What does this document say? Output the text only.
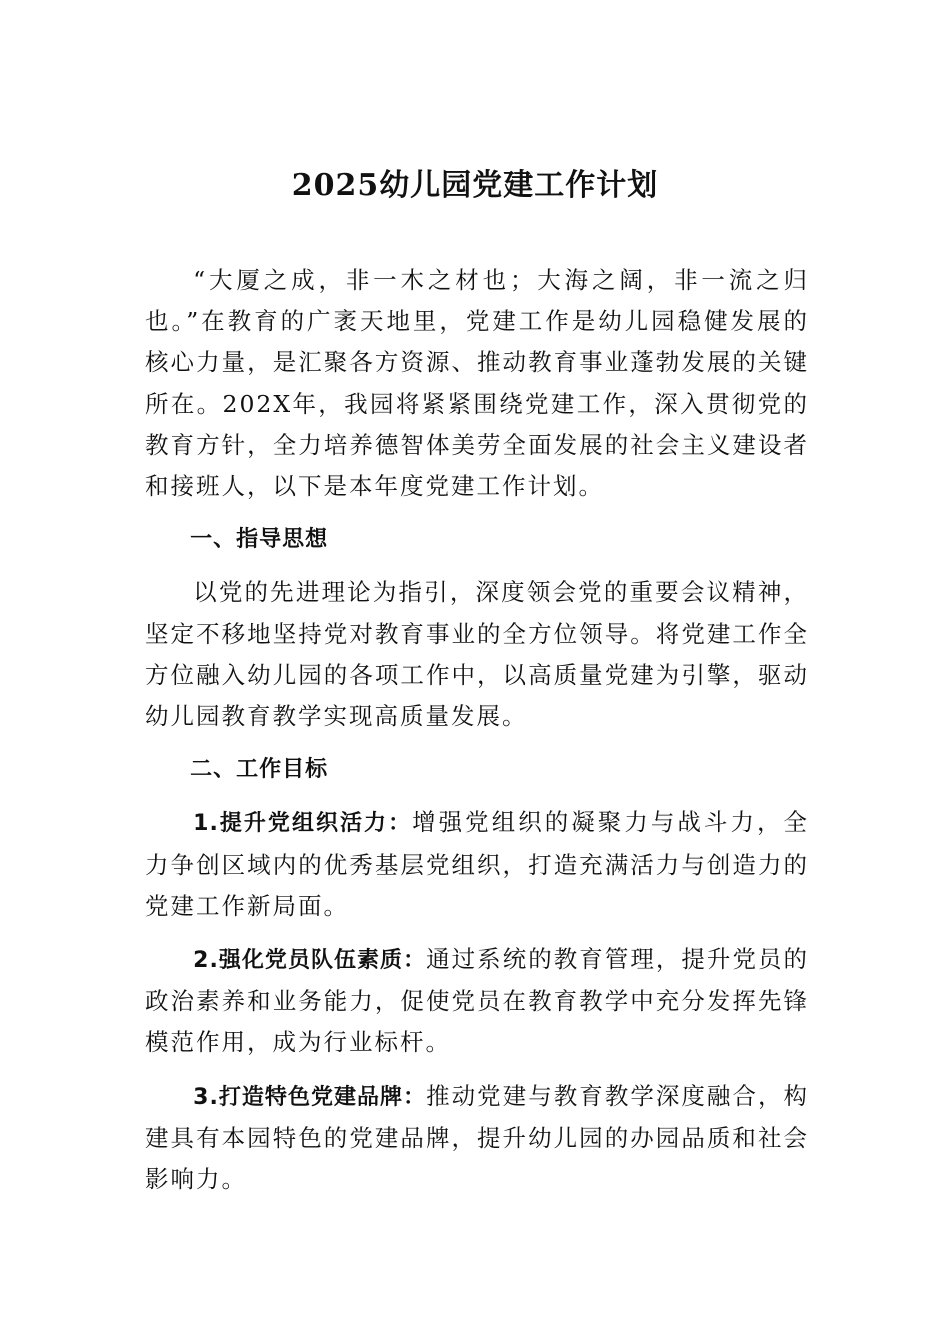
2025幼儿园党建工作计划

“大厦之成，非一木之材也；大海之阔，非一流之归也。”在教育的广袤天地里，党建工作是幼儿园稳健发展的核心力量，是汇聚各方资源、推动教育事业蓬勃发展的关键所在。202X年，我园将紧紧围绕党建工作，深入贯彻党的教育方针，全力培养德智体美劳全面发展的社会主义建设者和接班人，以下是本年度党建工作计划。

一、指导思想

以党的先进理论为指引，深度领会党的重要会议精神，坚定不移地坚持党对教育事业的全方位领导。将党建工作全方位融入幼儿园的各项工作中，以高质量党建为引擎，驱动幼儿园教育教学实现高质量发展。

二、工作目标

1.提升党组织活力：增强党组织的凝聚力与战斗力，全力争创区域内的优秀基层党组织，打造充满活力与创造力的党建工作新局面。

2.强化党员队伍素质：通过系统的教育管理，提升党员的政治素养和业务能力，促使党员在教育教学中充分发挥先锋模范作用，成为行业标杆。

3.打造特色党建品牌：推动党建与教育教学深度融合，构建具有本园特色的党建品牌，提升幼儿园的办园品质和社会影响力。
